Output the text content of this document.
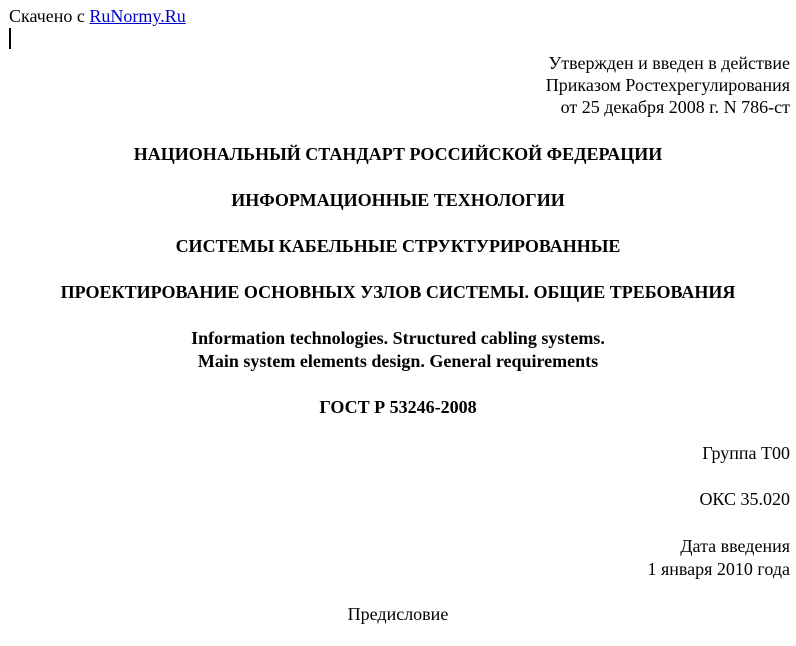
Скачено с RuNormy.Ru
Утвержден и введен в действие
Приказом Ростехрегулирования
от 25 декабря 2008 г. N 786-ст
НАЦИОНАЛЬНЫЙ СТАНДАРТ РОССИЙСКОЙ ФЕДЕРАЦИИ
ИНФОРМАЦИОННЫЕ ТЕХНОЛОГИИ
СИСТЕМЫ КАБЕЛЬНЫЕ СТРУКТУРИРОВАННЫЕ
ПРОЕКТИРОВАНИЕ ОСНОВНЫХ УЗЛОВ СИСТЕМЫ. ОБЩИЕ ТРЕБОВАНИЯ
Information technologies. Structured cabling systems.
Main system elements design. General requirements
ГОСТ Р 53246-2008
Группа Т00
ОКС 35.020
Дата введения
1 января 2010 года
Предисловие
